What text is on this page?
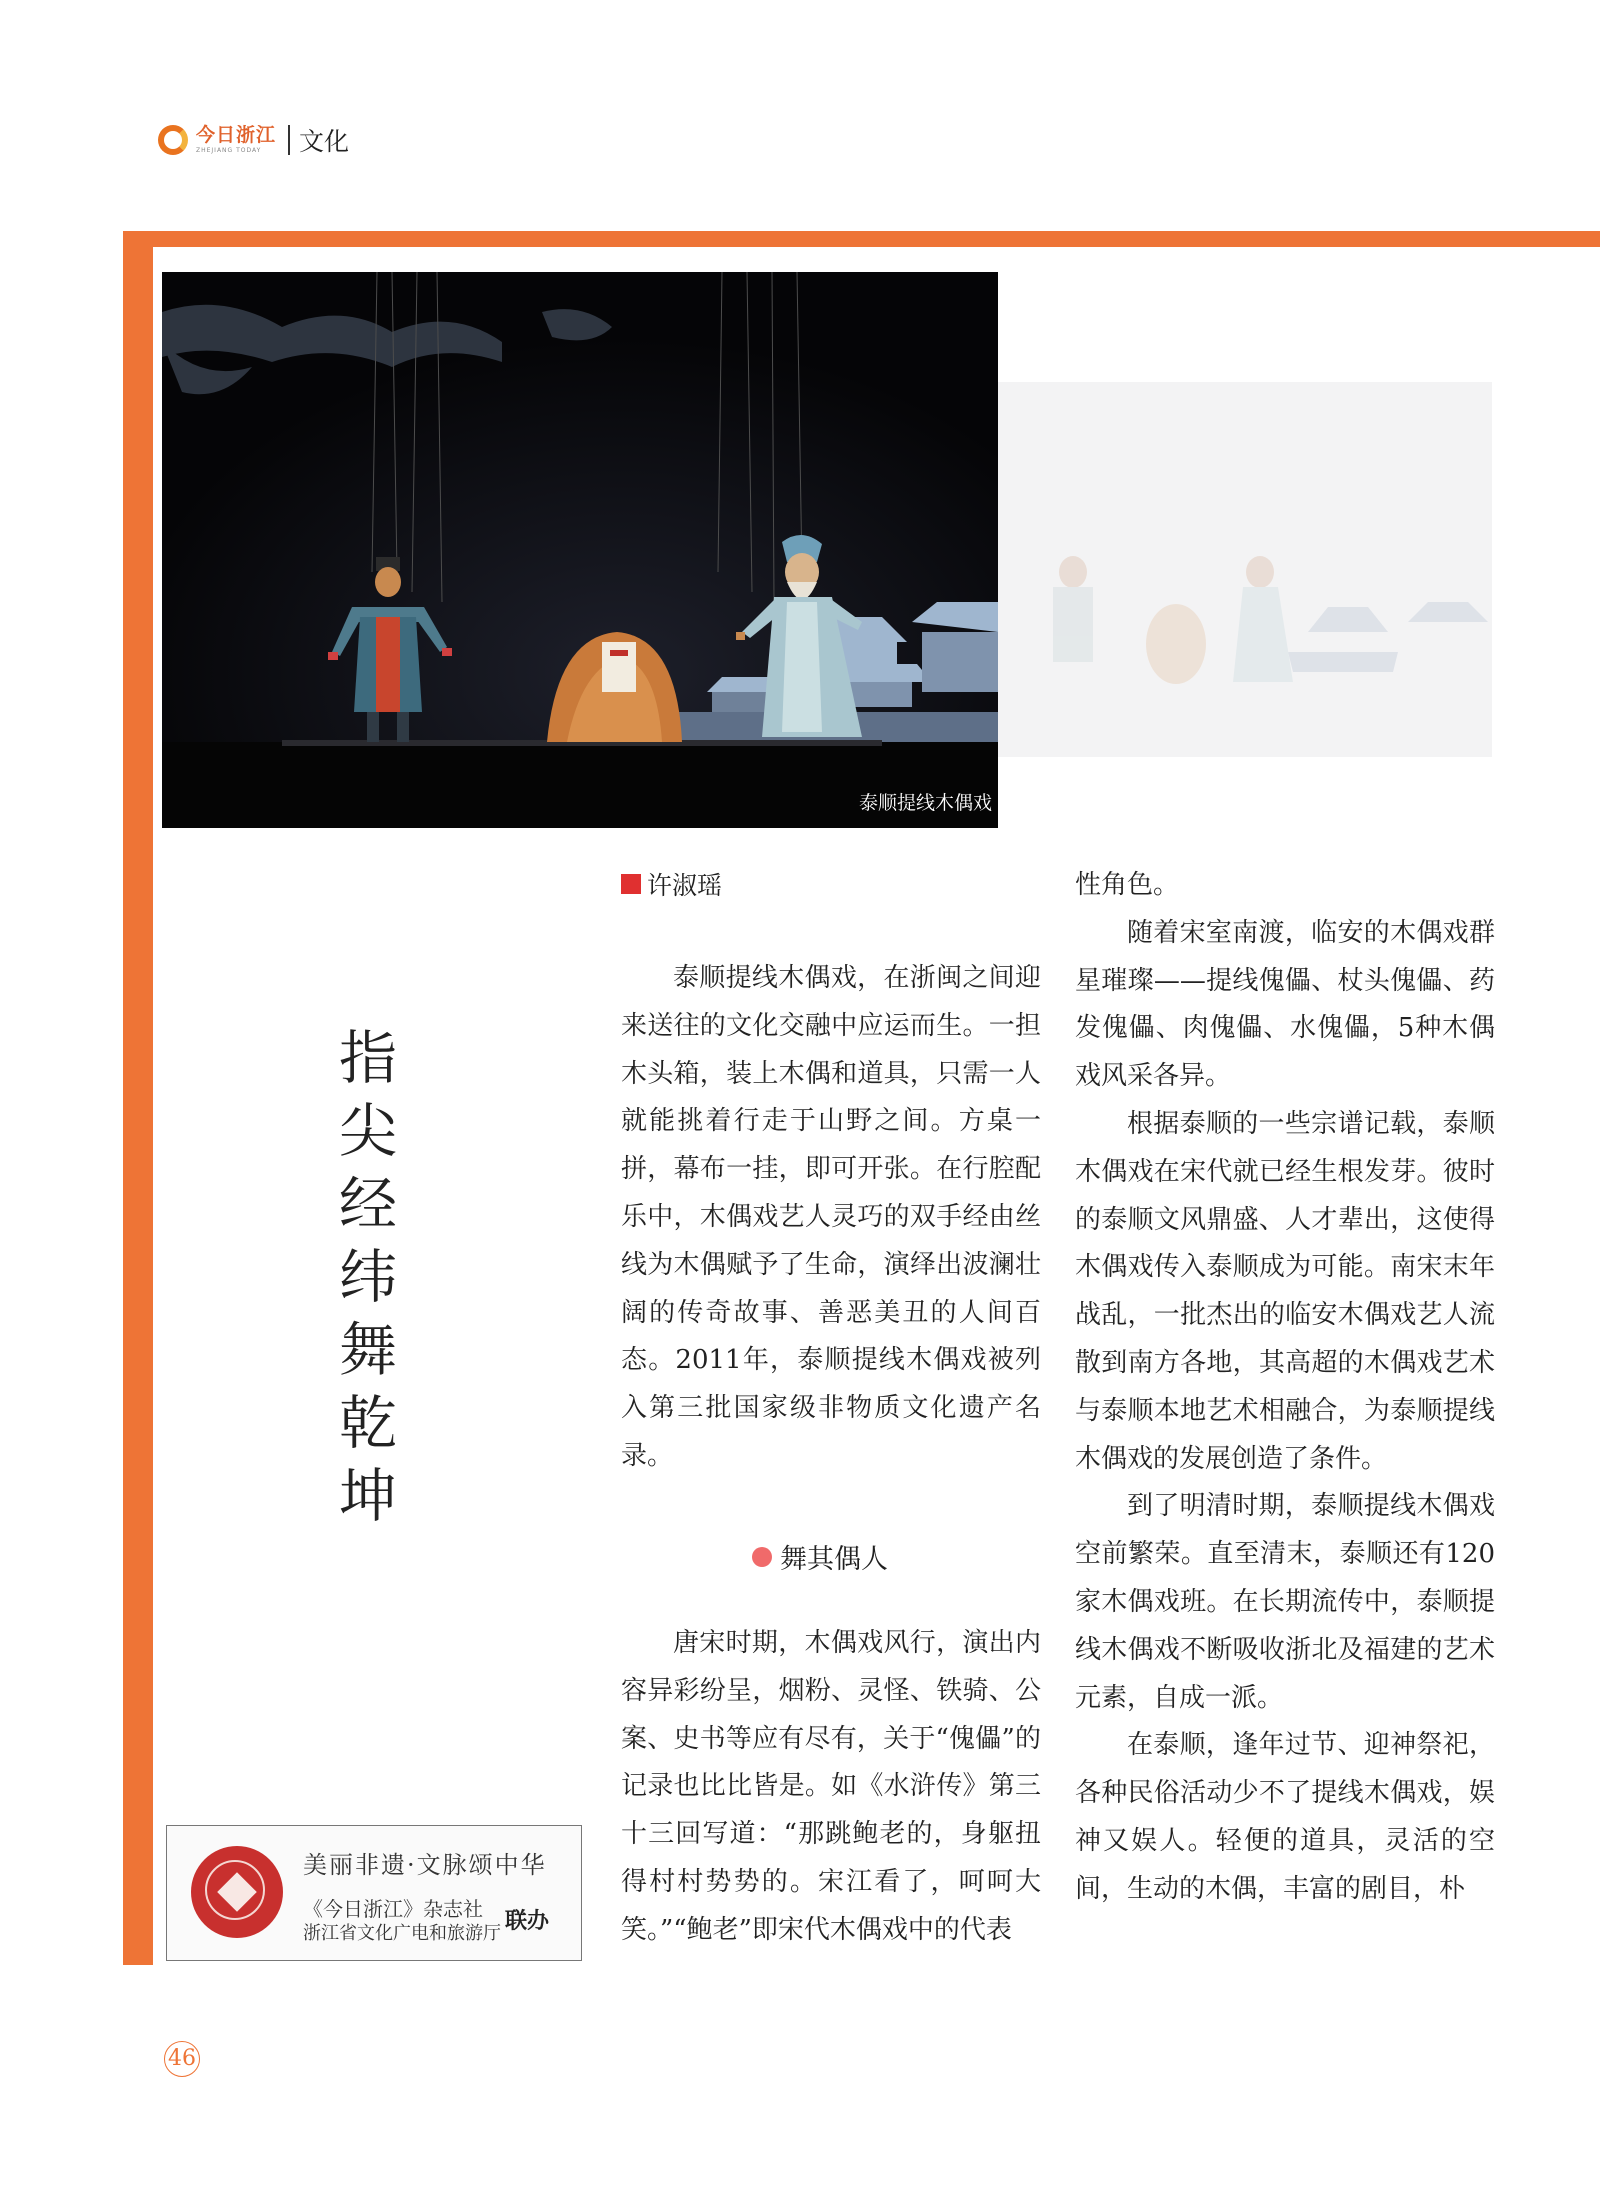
今日浙江
ZHEJIANG TODAY	文化
泰顺提线木偶戏
指
尖
经
纬
舞
乾
坤
许淑瑶

泰顺提线木偶戏，在浙闽之间迎来送往的文化交融中应运而生。一担木头箱，装上木偶和道具，只需一人就能挑着行走于山野之间。方桌一拼，幕布一挂，即可开张。在行腔配乐中，木偶戏艺人灵巧的双手经由丝线为木偶赋予了生命，演绎出波澜壮阔的传奇故事、善恶美丑的人间百态。2011年，泰顺提线木偶戏被列入第三批国家级非物质文化遗产名录。

舞其偶人

唐宋时期，木偶戏风行，演出内容异彩纷呈，烟粉、灵怪、铁骑、公案、史书等应有尽有，关于“傀儡”的记录也比比皆是。如《水浒传》第三十三回写道：“那跳鲍老的，身躯扭得村村势势的。宋江看了，呵呵大笑。”“鲍老”即宋代木偶戏中的代表

性角色。

随着宋室南渡，临安的木偶戏群星璀璨——提线傀儡、杖头傀儡、药发傀儡、肉傀儡、水傀儡，5种木偶戏风采各异。

根据泰顺的一些宗谱记载，泰顺木偶戏在宋代就已经生根发芽。彼时的泰顺文风鼎盛、人才辈出，这使得木偶戏传入泰顺成为可能。南宋末年战乱，一批杰出的临安木偶戏艺人流散到南方各地，其高超的木偶戏艺术与泰顺本地艺术相融合，为泰顺提线木偶戏的发展创造了条件。

到了明清时期，泰顺提线木偶戏空前繁荣。直至清末，泰顺还有120家木偶戏班。在长期流传中，泰顺提线木偶戏不断吸收浙北及福建的艺术元素，自成一派。

在泰顺，逢年过节、迎神祭祀，各种民俗活动少不了提线木偶戏，娱神又娱人。轻便的道具，灵活的空间，生动的木偶，丰富的剧目，朴

美丽非遗·文脉颂中华
《今日浙江》杂志社
浙江省文化广电和旅游厅 联办
46
